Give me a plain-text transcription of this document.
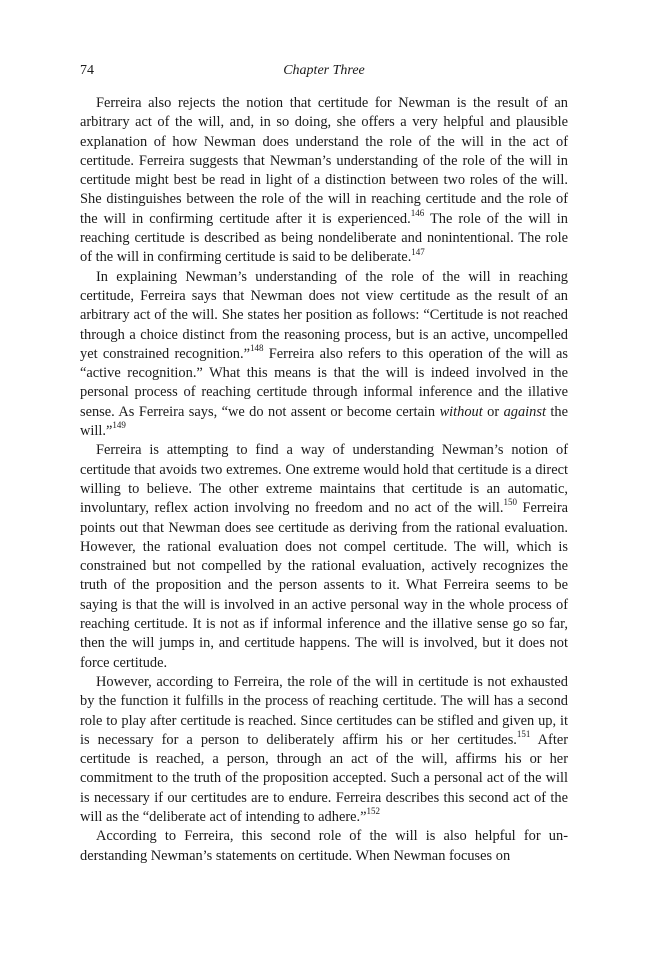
74	Chapter Three

Ferreira also rejects the notion that certitude for Newman is the result of an arbitrary act of the will, and, in so doing, she offers a very helpful and plausible explanation of how Newman does understand the role of the will in the act of certitude. Ferreira suggests that Newman’s understanding of the role of the will in certitude might best be read in light of a distinction between two roles of the will. She distinguishes between the role of the will in reaching certitude and the role of the will in confirming certitude after it is experienced.$^{146}$ The role of the will in reaching certitude is described as being nondeliberate and nonintentional. The role of the will in confirming certitude is said to be deliberate.$^{147}$

In explaining Newman’s understanding of the role of the will in reaching certitude, Ferreira says that Newman does not view certitude as the result of an arbitrary act of the will. She states her position as follows: “Certitude is not reached through a choice distinct from the reasoning process, but is an active, uncompelled yet constrained recognition.”$^{148}$ Ferreira also refers to this operation of the will as “active recognition.” What this means is that the will is indeed involved in the personal process of reaching certitude through informal inference and the illative sense. As Ferreira says, “we do not assent or become certain without or against the will.”$^{149}$

Ferreira is attempting to find a way of understanding Newman’s notion of certitude that avoids two extremes. One extreme would hold that certitude is a direct willing to believe. The other extreme maintains that certitude is an automatic, involuntary, reflex action involving no freedom and no act of the will.$^{150}$ Ferreira points out that Newman does see certitude as deriving from the rational evaluation. However, the rational evaluation does not compel certitude. The will, which is constrained but not compelled by the rational evaluation, actively recognizes the truth of the proposition and the person assents to it. What Ferreira seems to be saying is that the will is involved in an active personal way in the whole process of reaching certitude. It is not as if informal inference and the illative sense go so far, then the will jumps in, and certitude happens. The will is involved, but it does not force certitude.

However, according to Ferreira, the role of the will in certitude is not exhausted by the function it fulfills in the process of reaching certitude. The will has a second role to play after certitude is reached. Since certitudes can be stifled and given up, it is necessary for a person to deliberately affirm his or her certitudes.$^{151}$ After certitude is reached, a person, through an act of the will, affirms his or her commitment to the truth of the proposition accepted. Such a personal act of the will is necessary if our certitudes are to endure. Ferreira describes this second act of the will as the “deliberate act of intending to adhere.”$^{152}$

According to Ferreira, this second role of the will is also helpful for understanding Newman’s statements on certitude. When Newman focuses on
